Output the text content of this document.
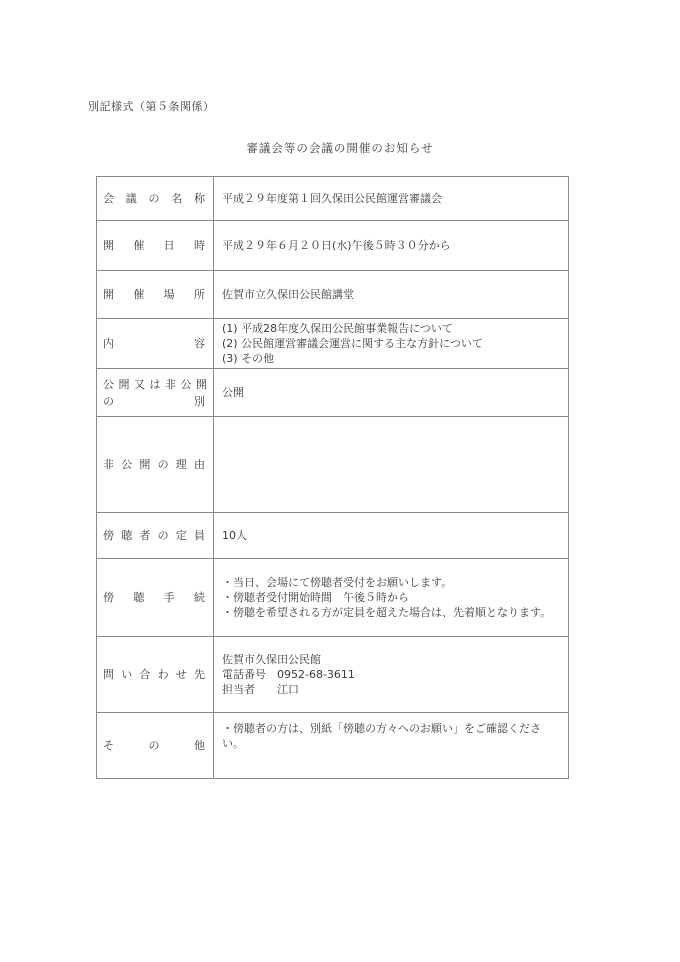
別記様式（第５条関係）
審議会等の会議の開催のお知らせ
会議の名称	平成２９年度第１回久保田公民館運営審議会

開催日時	平成２９年６月２０日(水)午後５時３０分から

開催場所	佐賀市立久保田公民館講堂

内容	(1) 平成28年度久保田公民館事業報告について
(2) 公民館運営審議会運営に関する主な方針について
(3) その他

公開又は非公開
の別	公開

非公開の理由	
傍聴者の定員	10人

傍聴手続	・当日、会場にて傍聴者受付をお願いします。
・傍聴者受付開始時間　午後５時から
・傍聴を希望される方が定員を超えた場合は、先着順となります。

問い合わせ先	佐賀市久保田公民館
電話番号　0952-68-3611
担当者　　江口

その他	・傍聴者の方は、別紙「傍聴の方々へのお願い」をご確認ください。
